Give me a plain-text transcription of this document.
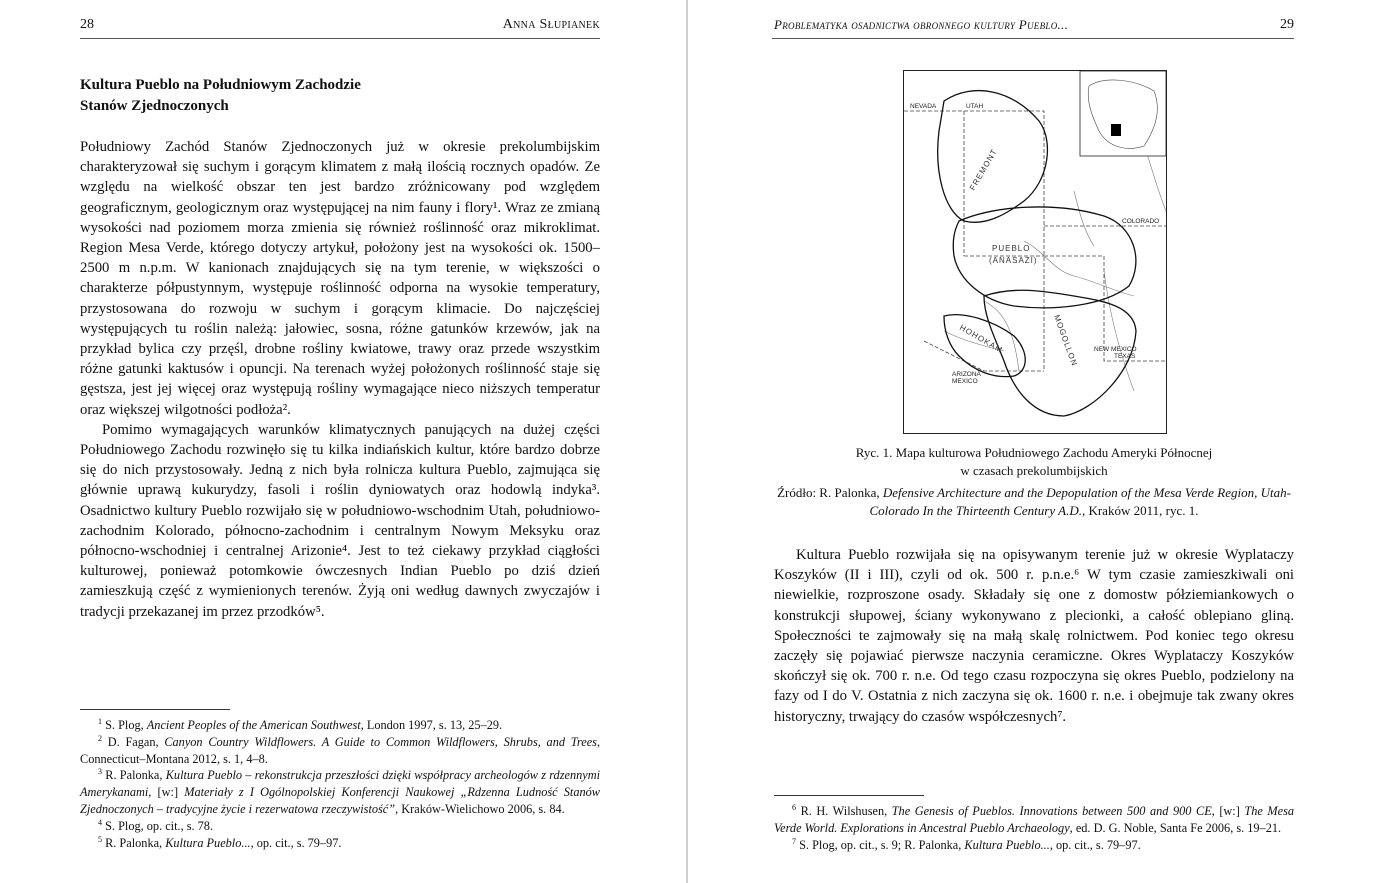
28	Anna Słupianek
Kultura Pueblo na Południowym Zachodzie
Stanów Zjednoczonych

Południowy Zachód Stanów Zjednoczonych już w okresie prekolumbijskim charakteryzował się suchym i gorącym klimatem z małą ilością rocznych opadów. Ze względu na wielkość obszar ten jest bardzo zróżnicowany pod względem geograficznym, geologicznym oraz występującej na nim fauny i flory¹. Wraz ze zmianą wysokości nad poziomem morza zmienia się również roślinność oraz mikroklimat. Region Mesa Verde, którego dotyczy artykuł, położony jest na wysokości ok. 1500–2500 m n.p.m. W kanionach znajdujących się na tym terenie, w większości o charakterze półpustynnym, występuje roślinność odporna na wysokie temperatury, przystosowana do rozwoju w suchym i gorącym klimacie. Do najczęściej występujących tu roślin należą: jałowiec, sosna, różne gatunków krzewów, jak na przykład bylica czy przęśl, drobne rośliny kwiatowe, trawy oraz przede wszystkim różne gatunki kaktusów i opuncji. Na terenach wyżej położonych roślinność staje się gęstsza, jest jej więcej oraz występują rośliny wymagające nieco niższych temperatur oraz większej wilgotności podłoża².

Pomimo wymagających warunków klimatycznych panujących na dużej części Południowego Zachodu rozwinęło się tu kilka indiańskich kultur, które bardzo dobrze się do nich przystosowały. Jedną z nich była rolnicza kultura Pueblo, zajmująca się głównie uprawą kukurydzy, fasoli i roślin dyniowatych oraz hodowlą indyka³. Osadnictwo kultury Pueblo rozwijało się w południowo-wschodnim Utah, południowo-zachodnim Kolorado, północno-zachodnim i centralnym Nowym Meksyku oraz północno-wschodniej i centralnej Arizonie⁴. Jest to też ciekawy przykład ciągłości kulturowej, ponieważ potomkowie ówczesnych Indian Pueblo po dziś dzień zamieszkują część z wymienionych terenów. Żyją oni według dawnych zwyczajów i tradycji przekazanej im przez przodków⁵.

$^1$ S. Plog, Ancient Peoples of the American Southwest, London 1997, s. 13, 25–29.
$^2$ D. Fagan, Canyon Country Wildflowers. A Guide to Common Wildflowers, Shrubs, and Trees, Connecticut–Montana 2012, s. 1, 4–8.
$^3$ R. Palonka, Kultura Pueblo – rekonstrukcja przeszłości dzięki współpracy archeologów z rdzennymi Amerykanami, [w:] Materiały z I Ogólnopolskiej Konferencji Naukowej „Rdzenna Ludność Stanów Zjednoczonych – tradycyjne życie i rezerwatowa rzeczywistość”, Kraków-Wielichowo 2006, s. 84.
$^4$ S. Plog, op. cit., s. 78.
$^5$ R. Palonka, Kultura Pueblo..., op. cit., s. 79–97.
Problematyka osadnictwa obronnego kultury Pueblo...	29
NEVADA	UTAH
COLORADO
NEW MEXICO
TEXAS
ARIZONA
MEXICO
FREMONT
PUEBLO
(ANASAZI)
MOGOLLON
HOHOKAM
Ryc. 1. Mapa kulturowa Południowego Zachodu Ameryki Północnej
w czasach prekolumbijskich
Źródło: R. Palonka, Defensive Architecture and the Depopulation of the Mesa Verde Region, Utah-Colorado In the Thirteenth Century A.D., Kraków 2011, ryc. 1.

Kultura Pueblo rozwijała się na opisywanym terenie już w okresie Wyplataczy Koszyków (II i III), czyli od ok. 500 r. p.n.e.⁶ W tym czasie zamieszkiwali oni niewielkie, rozproszone osady. Składały się one z domostw półziemiankowych o konstrukcji słupowej, ściany wykonywano z plecionki, a całość oblepiano gliną. Społeczności te zajmowały się na małą skalę rolnictwem. Pod koniec tego okresu zaczęły się pojawiać pierwsze naczynia ceramiczne. Okres Wyplataczy Koszyków skończył się ok. 700 r. n.e. Od tego czasu rozpoczyna się okres Pueblo, podzielony na fazy od I do V. Ostatnia z nich zaczyna się ok. 1600 r. n.e. i obejmuje tak zwany okres historyczny, trwający do czasów współczesnych⁷.

$^6$ R. H. Wilshusen, The Genesis of Pueblos. Innovations between 500 and 900 CE, [w:] The Mesa Verde World. Explorations in Ancestral Pueblo Archaeology, ed. D. G. Noble, Santa Fe 2006, s. 19–21.
$^7$ S. Plog, op. cit., s. 9; R. Palonka, Kultura Pueblo..., op. cit., s. 79–97.
